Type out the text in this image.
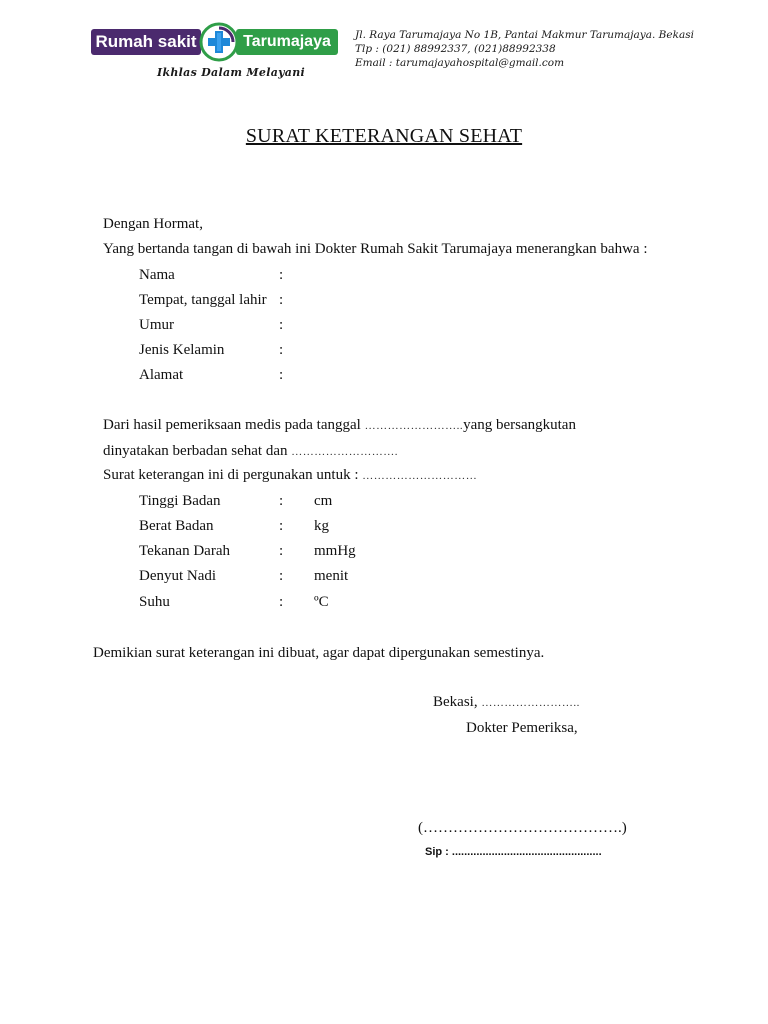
Rumah sakit	Tarumajaya
Ikhlas Dalam Melayani
Jl. Raya Tarumajaya No 1B, Pantai Makmur Tarumajaya. Bekasi
Tlp : (021) 88992337, (021)88992338
Email : tarumajayahospital@gmail.com
SURAT KETERANGAN SEHAT
Dengan Hormat,
Yang bertanda tangan di bawah ini Dokter Rumah Sakit Tarumajaya menerangkan bahwa :
Nama	:
Tempat, tanggal lahir :
Umur	:
Jenis Kelamin	:
Alamat	:
Dari hasil pemeriksaan medis pada tanggal ……………………..yang bersangkutan
dinyatakan berbadan sehat dan ……………………….
Surat keterangan ini di pergunakan untuk : …………………………
Tinggi Badan	: cm
Berat Badan	: kg
Tekanan Darah	: mmHg
Denyut Nadi	: menit
Suhu	: ºC
Demikian surat keterangan ini dibuat, agar dapat dipergunakan semestinya.
Bekasi, ……………………..
Dokter Pemeriksa,
(………………………………….)
Sip : .................................................
